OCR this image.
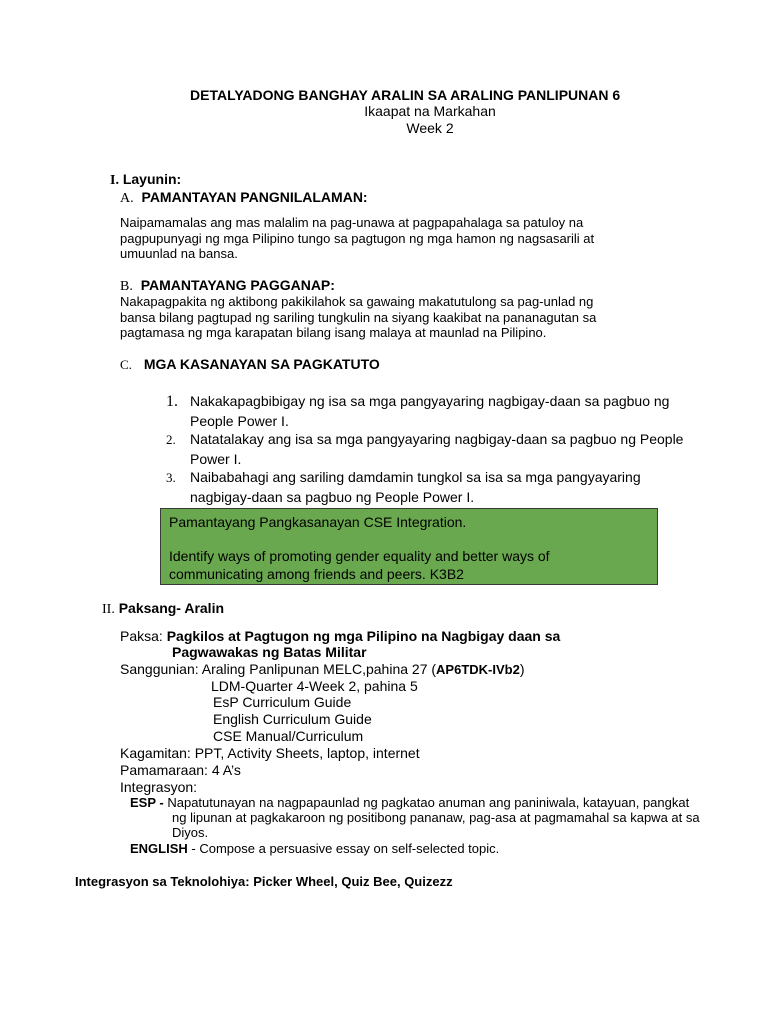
DETALYADONG BANGHAY ARALIN SA ARALING PANLIPUNAN 6
Ikaapat na Markahan
Week 2
I. Layunin:
A. PAMANTAYAN PANGNILALAMAN:
Naipamamalas ang mas malalim na pag-unawa at pagpapahalaga sa patuloy na
pagpupunyagi ng mga Pilipino tungo sa pagtugon ng mga hamon ng nagsasarili at
umuunlad na bansa.
B. PAMANTAYANG PAGGANAP:
Nakapagpakita ng aktibong pakikilahok sa gawaing makatutulong sa pag-unlad ng
bansa bilang pagtupad ng sariling tungkulin na siyang kaakibat na pananagutan sa
pagtamasa ng mga karapatan bilang isang malaya at maunlad na Pilipino.
C. MGA KASANAYAN SA PAGKATUTO
1. Nakakapagbibigay ng isa sa mga pangyayaring nagbigay-daan sa pagbuo ng
People Power I.
2. Natatalakay ang isa sa mga pangyayaring nagbigay-daan sa pagbuo ng People
Power I.
3. Naibabahagi ang sariling damdamin tungkol sa isa sa mga pangyayaring
nagbigay-daan sa pagbuo ng People Power I.

Pamantayang Pangkasanayan CSE Integration.

Identify ways of promoting gender equality and better ways of

communicating among friends and peers. K3B2

II. Paksang- Aralin
Paksa: Pagkilos at Pagtugon ng mga Pilipino na Nagbigay daan sa
Pagwawakas ng Batas Militar
Sanggunian: Araling Panlipunan MELC,pahina 27 (AP6TDK-IVb2)
LDM-Quarter 4-Week 2, pahina 5
EsP Curriculum Guide
English Curriculum Guide
CSE Manual/Curriculum
Kagamitan: PPT, Activity Sheets, laptop, internet
Pamamaraan: 4 A’s
Integrasyon:
ESP - Napatutunayan na nagpapaunlad ng pagkatao anuman ang paniniwala, katayuan, pangkat
ng lipunan at pagkakaroon ng positibong pananaw, pag-asa at pagmamahal sa kapwa at sa
Diyos.
ENGLISH - Compose a persuasive essay on self-selected topic.
Integrasyon sa Teknolohiya: Picker Wheel, Quiz Bee, Quizezz
